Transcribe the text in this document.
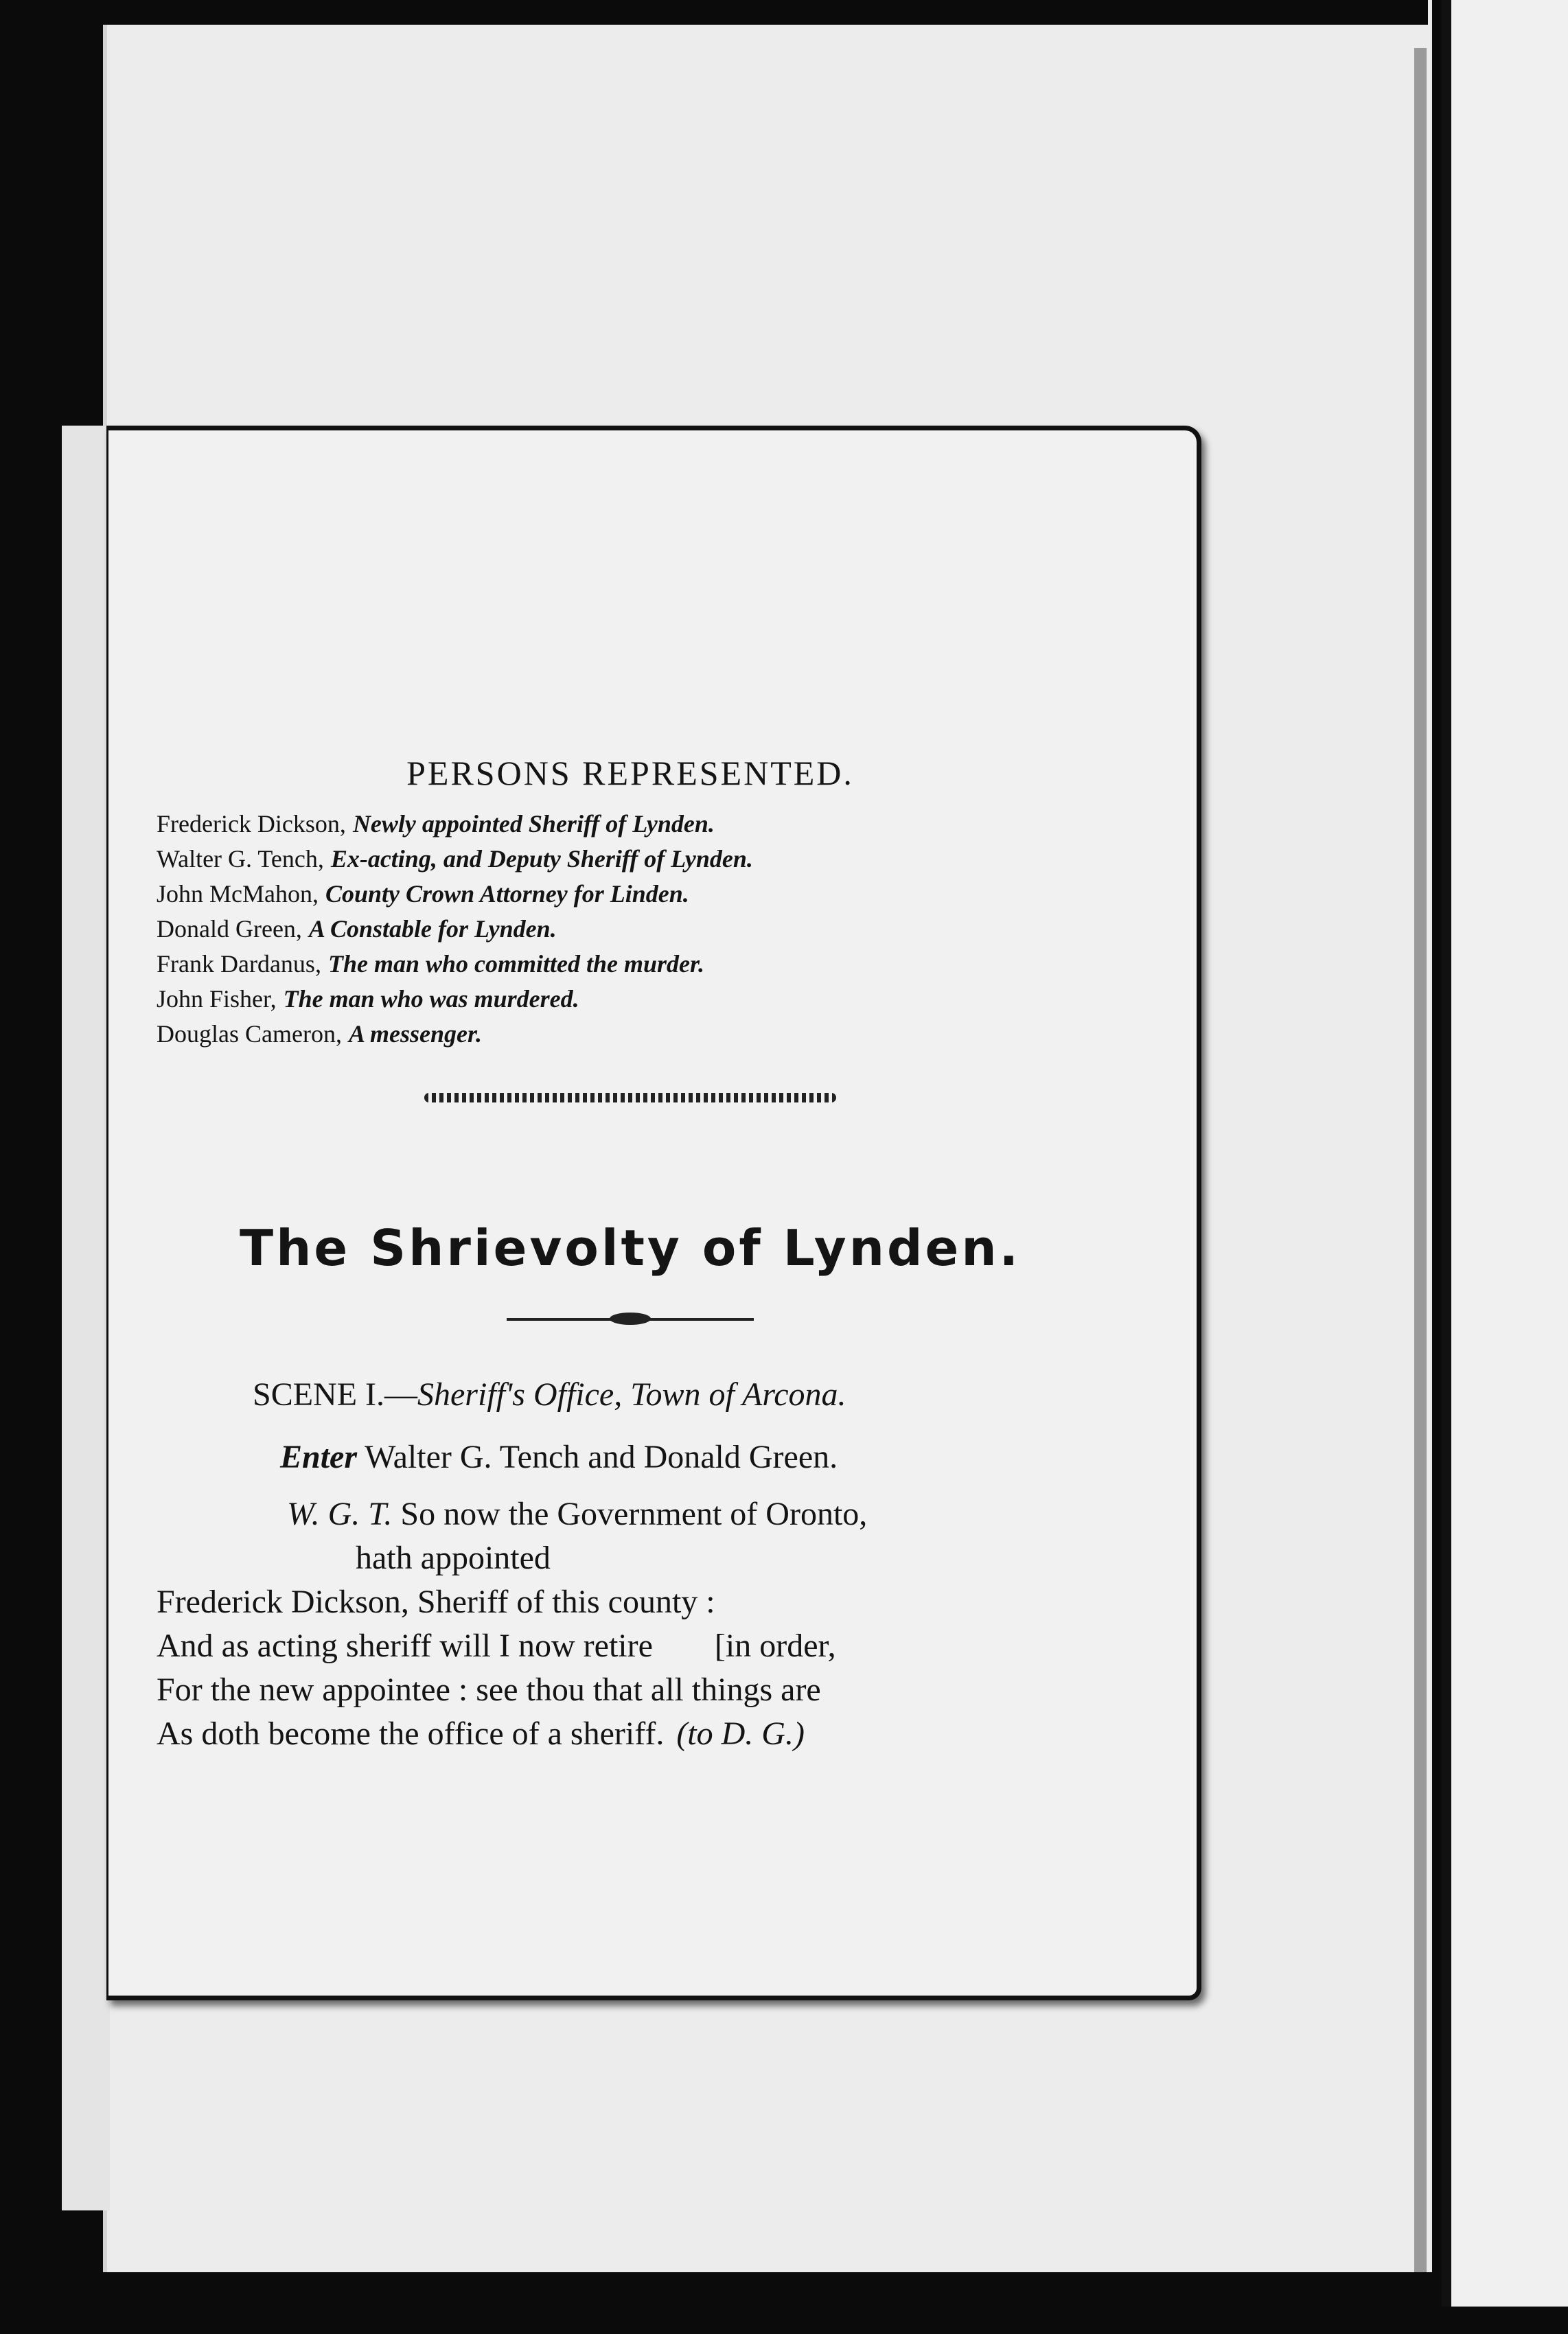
PERSONS REPRESENTED.
Frederick Dickson, Newly appointed Sheriff of Lynden.
Walter G. Tench, Ex-acting, and Deputy Sheriff of Lynden.
John McMahon, County Crown Attorney for Linden.
Donald Green, A Constable for Lynden.
Frank Dardanus, The man who committed the murder.
John Fisher, The man who was murdered.
Douglas Cameron, A messenger.
The Shrievolty of Lynden.
SCENE I.—Sheriff's Office, Town of Arcona.
Enter Walter G. Tench and Donald Green.
W. G. T. So now the Government of Oronto,
hath appointed
Frederick Dickson, Sheriff of this county :
And as acting sheriff will I now retire [in order,
For the new appointee : see thou that all things are
As doth become the office of a sheriff. (to D. G.)
